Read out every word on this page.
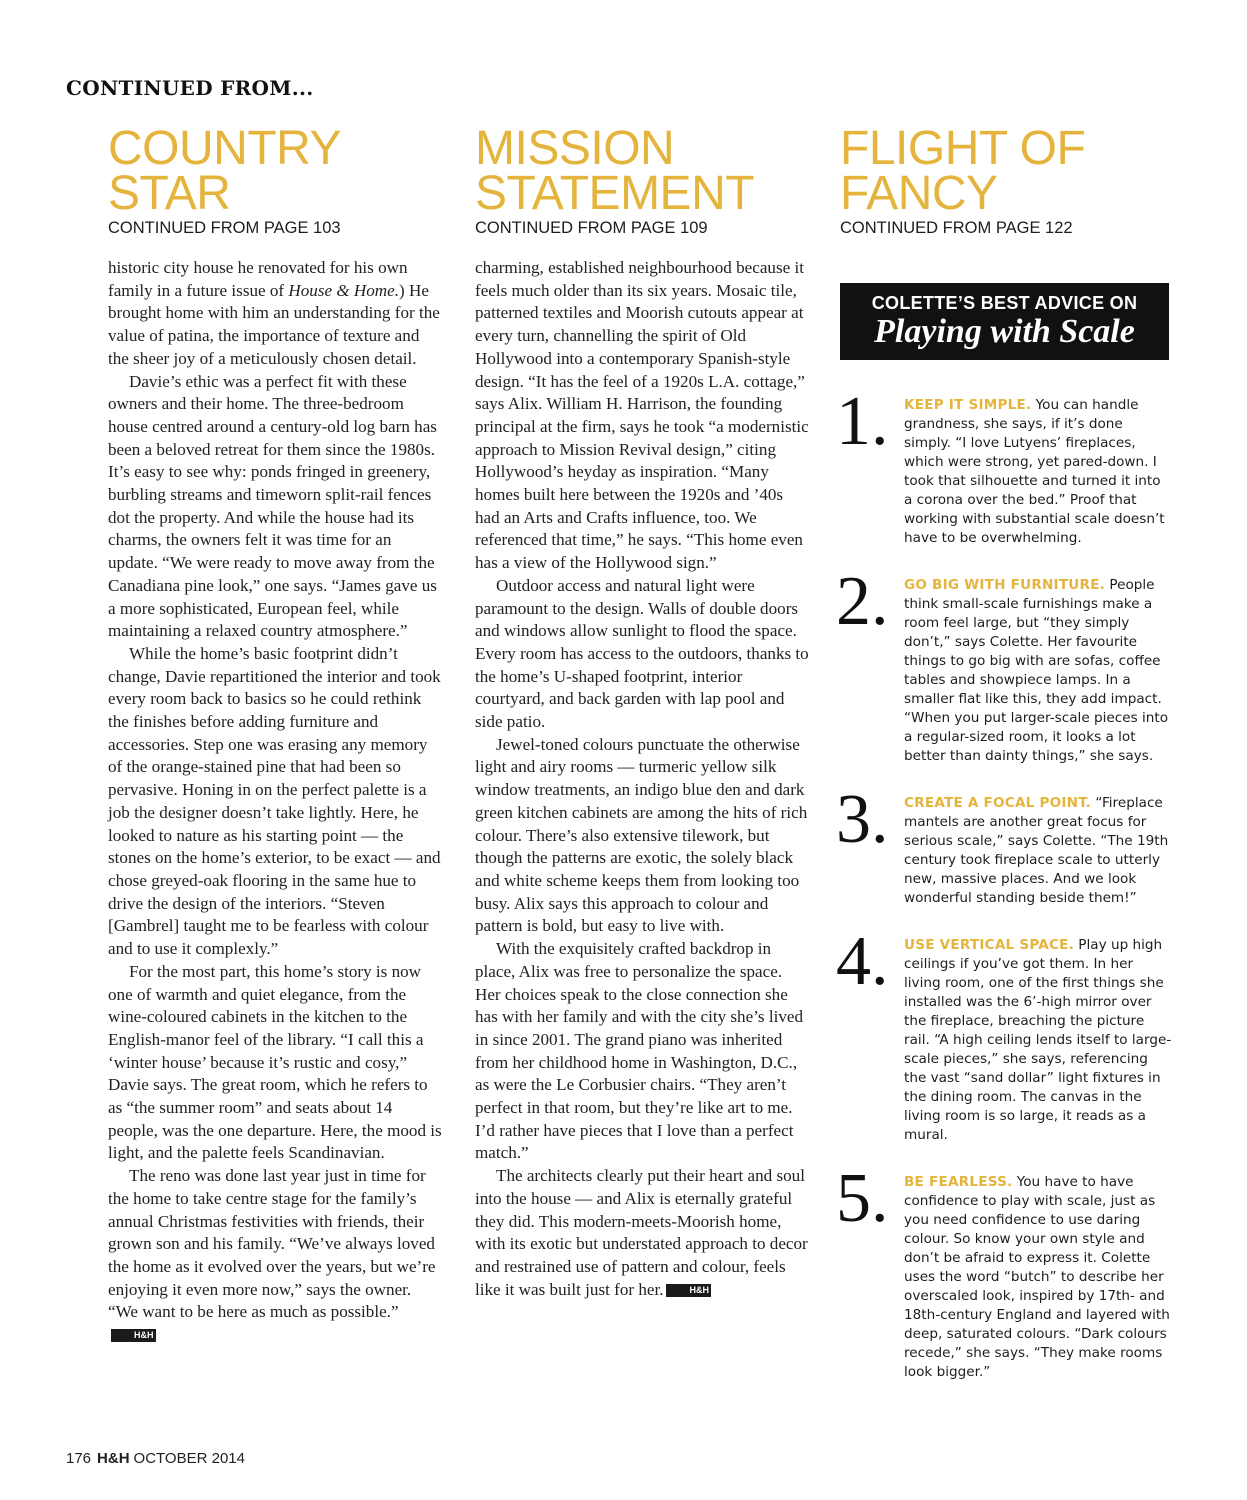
CONTINUED FROM...
COUNTRY STAR
CONTINUED FROM PAGE 103

historic city house he renovated for his own family in a future issue of House & Home.) He brought home with him an understanding for the value of patina, the importance of texture and the sheer joy of a meticulously chosen detail.

Davie’s ethic was a perfect fit with these owners and their home. The three-bedroom house centred around a century-old log barn has been a beloved retreat for them since the 1980s. It’s easy to see why: ponds fringed in greenery, burbling streams and timeworn split-rail fences dot the property. And while the house had its charms, the owners felt it was time for an update. “We were ready to move away from the Canadiana pine look,” one says. “James gave us a more sophisticated, European feel, while maintaining a relaxed country atmosphere.”

While the home’s basic footprint didn’t change, Davie repartitioned the interior and took every room back to basics so he could rethink the finishes before adding furniture and accessories. Step one was erasing any memory of the orange-stained pine that had been so pervasive. Honing in on the perfect palette is a job the designer doesn’t take lightly. Here, he looked to nature as his starting point — the stones on the home’s exterior, to be exact — and chose greyed-oak flooring in the same hue to drive the design of the interiors. “Steven [Gambrel] taught me to be fearless with colour and to use it complexly.”

For the most part, this home’s story is now one of warmth and quiet elegance, from the wine-coloured cabinets in the kitchen to the English-manor feel of the library. “I call this a ‘winter house’ because it’s rustic and cosy,” Davie says. The great room, which he refers to as “the summer room” and seats about 14 people, was the one departure. Here, the mood is light, and the palette feels Scandinavian.

The reno was done last year just in time for the home to take centre stage for the family’s annual Christmas festivities with friends, their grown son and his family. “We’ve always loved the home as it evolved over the years, but we’re enjoying it even more now,” says the owner. “We want to be here as much as possible.”H&H

MISSION
STATEMENT
CONTINUED FROM PAGE 109

charming, established neighbourhood because it feels much older than its six years. Mosaic tile, patterned textiles and Moorish cutouts appear at every turn, channelling the spirit of Old Hollywood into a contemporary Spanish-style design. “It has the feel of a 1920s L.A. cottage,” says Alix. William H. Harrison, the founding principal at the firm, says he took “a modernistic approach to Mission Revival design,” citing Hollywood’s heyday as inspiration. “Many homes built here between the 1920s and ’40s had an Arts and Crafts influence, too. We referenced that time,” he says. “This home even has a view of the Hollywood sign.”

Outdoor access and natural light were paramount to the design. Walls of double doors and windows allow sunlight to flood the space. Every room has access to the outdoors, thanks to the home’s U-shaped footprint, interior courtyard, and back garden with lap pool and side patio.

Jewel-toned colours punctuate the otherwise light and airy rooms — turmeric yellow silk window treatments, an indigo blue den and dark green kitchen cabinets are among the hits of rich colour. There’s also extensive tilework, but though the patterns are exotic, the solely black and white scheme keeps them from looking too busy. Alix says this approach to colour and pattern is bold, but easy to live with.

With the exquisitely crafted backdrop in place, Alix was free to personalize the space. Her choices speak to the close connection she has with her family and with the city she’s lived in since 2001. The grand piano was inherited from her childhood home in Washington, D.C., as were the Le Corbusier chairs. “They aren’t perfect in that room, but they’re like art to me. I’d rather have pieces that I love than a perfect match.”

The architects clearly put their heart and soul into the house — and Alix is eternally grateful they did. This modern-meets-Moorish home, with its exotic but understated approach to decor and restrained use of pattern and colour, feels like it was built just for her.	H&H

FLIGHT OF
FANCY
CONTINUED FROM PAGE 122
COLETTE’S BEST ADVICE ON
Playing with Scale
1. KEEP IT SIMPLE. You can handle grandness, she says, if it’s done simply. “I love Lutyens’ fireplaces, which were strong, yet pared-down. I took that silhouette and turned it into a corona over the bed.” Proof that working with substantial scale doesn’t have to be overwhelming.
2. GO BIG WITH FURNITURE. People think small-scale furnishings make a room feel large, but “they simply don’t,” says Colette. Her favourite things to go big with are sofas, coffee tables and showpiece lamps. In a smaller flat like this, they add impact. “When you put larger-scale pieces into a regular-sized room, it looks a lot better than dainty things,” she says.
3. CREATE A FOCAL POINT. “Fireplace mantels are another great focus for serious scale,” says Colette. “The 19th century took fireplace scale to utterly new, massive places. And we look wonderful standing beside them!”
4. USE VERTICAL SPACE. Play up high ceilings if you’ve got them. In her living room, one of the first things she installed was the 6’-high mirror over the fireplace, breaching the picture rail. “A high ceiling lends itself to large-scale pieces,” she says, referencing the vast “sand dollar” light fixtures in the dining room. The canvas in the living room is so large, it reads as a mural.
5. BE FEARLESS. You have to have confidence to play with scale, just as you need confidence to use daring colour. So know your own style and don’t be afraid to express it. Colette uses the word “butch” to describe her overscaled look, inspired by 17th- and 18th-century England and layered with deep, saturated colours. “Dark colours recede,” she says. “They make rooms look bigger.”
176 H&H OCTOBER 2014
